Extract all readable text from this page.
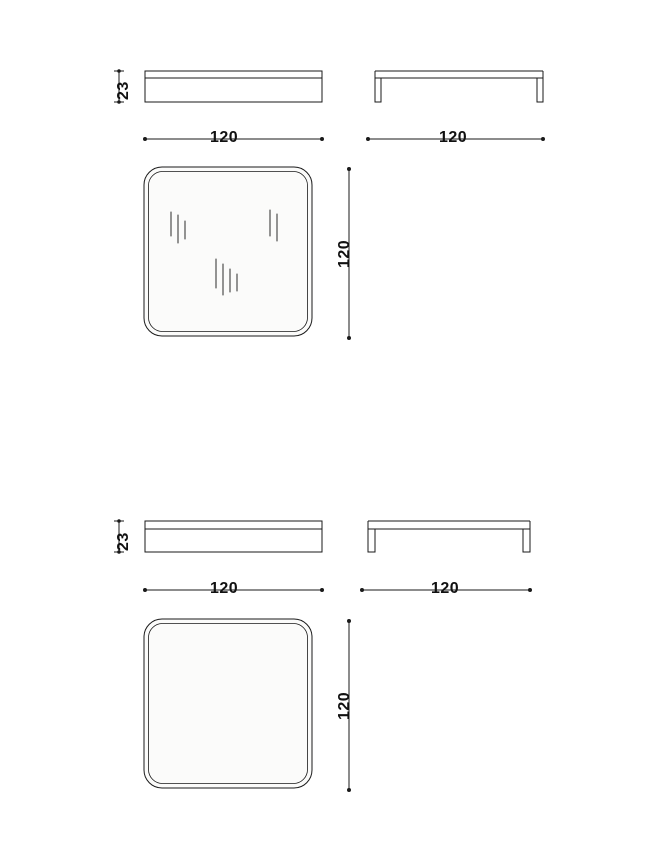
23
120	120
120
23
120	120
120
